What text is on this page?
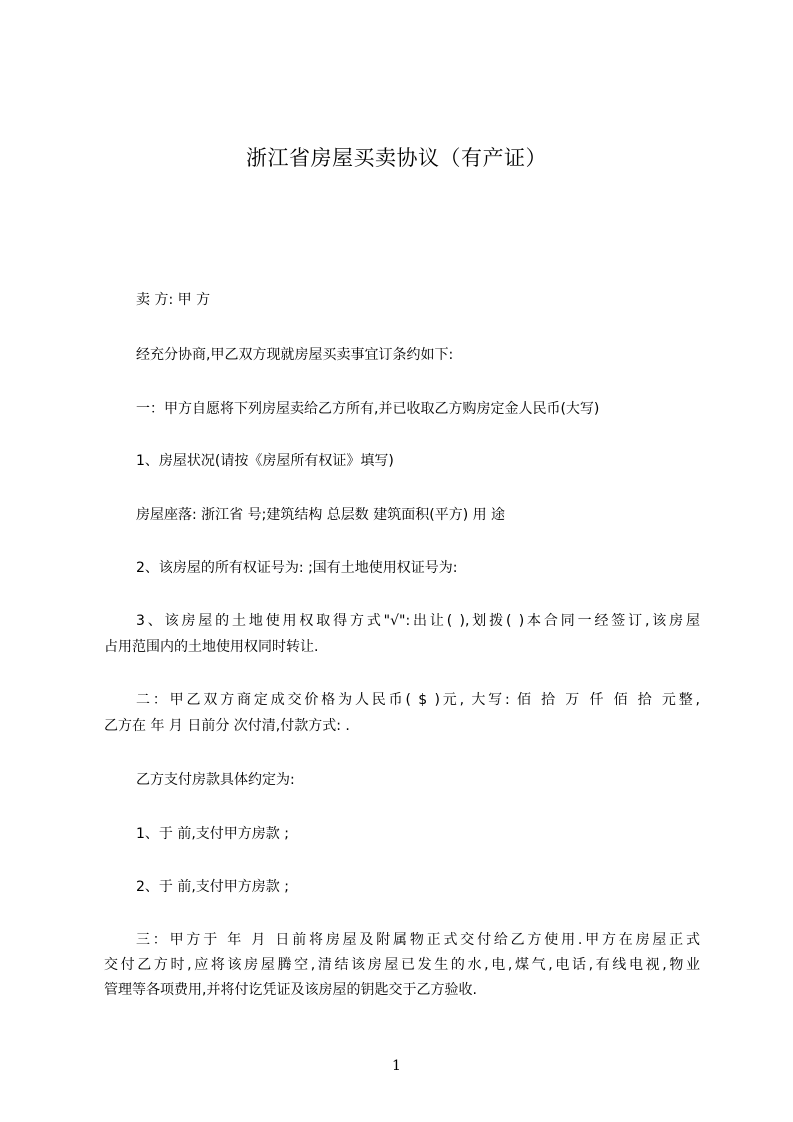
浙江省房屋买卖协议（有产证）

卖 方: 甲 方

经充分协商,甲乙双方现就房屋买卖事宜订条约如下:

一：甲方自愿将下列房屋卖给乙方所有,并已收取乙方购房定金人民币(大写)

1、房屋状况(请按《房屋所有权证》填写)

房屋座落: 浙江省 号;建筑结构 总层数 建筑面积(平方) 用 途

2、该房屋的所有权证号为: ;国有土地使用权证号为:

3、该房屋的土地使用权取得方式"√":出让( ),划拨( )本合同一经签订,该房屋
占用范围内的土地使用权同时转让.
二：甲乙双方商定成交价格为人民币( $ )元, 大写: 佰 拾 万 仟 佰 拾 元整,
乙方在 年 月 日前分 次付清,付款方式: .

乙方支付房款具体约定为:

1、于 前,支付甲方房款 ;

2、于 前,支付甲方房款 ;

三：甲方于 年 月 日前将房屋及附属物正式交付给乙方使用.甲方在房屋正式
交付乙方时,应将该房屋腾空,清结该房屋已发生的水,电,煤气,电话,有线电视,物业
管理等各项费用,并将付讫凭证及该房屋的钥匙交于乙方验收.
1
